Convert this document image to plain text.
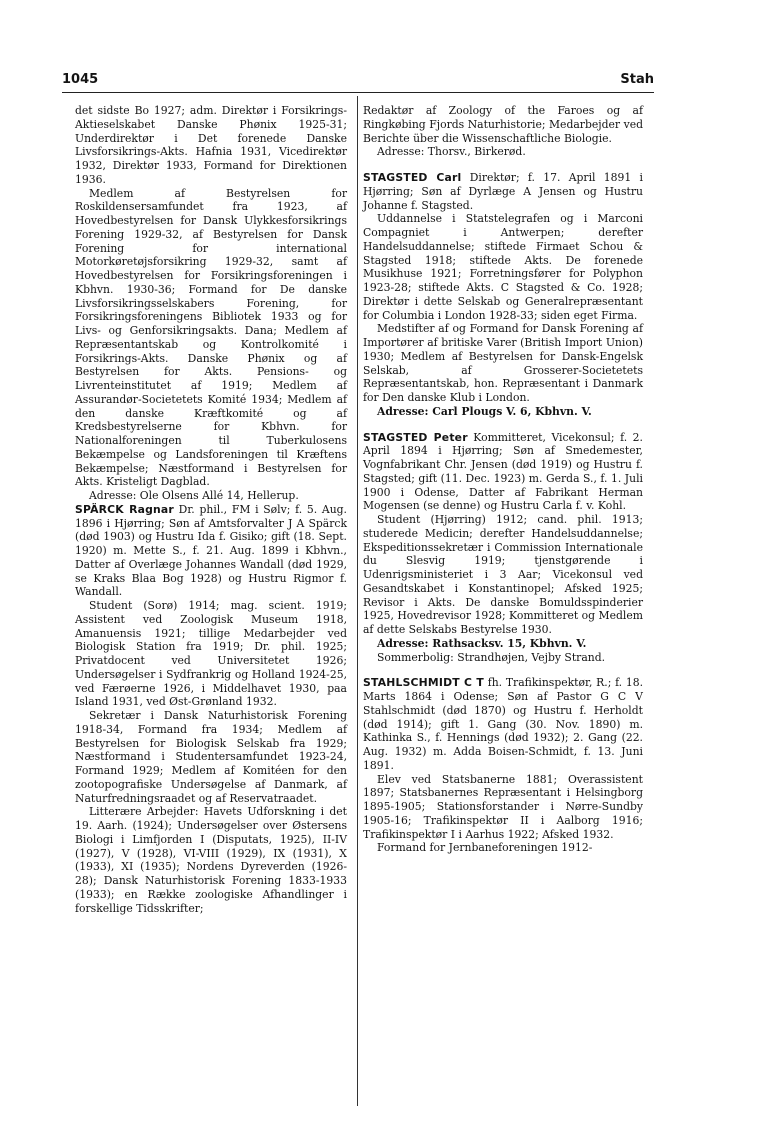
1045	Stah

det sidste Bo 1927; adm. Direktør i Forsikrings-Aktieselskabet Danske Phønix 1925-31; Underdirektør i Det forenede Danske Livsforsikrings-Akts. Hafnia 1931, Vicedirektør 1932, Direktør 1933, Formand for Direktionen 1936.

Medlem af Bestyrelsen for Roskildensersamfundet fra 1923, af Hovedbestyrelsen for Dansk Ulykkesforsikrings Forening 1929-32, af Bestyrelsen for Dansk Forening for international Motorkøretøjsforsikring 1929-32, samt af Hovedbestyrelsen for Forsikringsforeningen i Kbhvn. 1930-36; Formand for De danske Livsforsikringsselskabers Forening, for Forsikringsforeningens Bibliotek 1933 og for Livs- og Genforsikringsakts. Dana; Medlem af Repræsentantskab og Kontrolkomité i Forsikrings-Akts. Danske Phønix og af Bestyrelsen for Akts. Pensions- og Livrenteinstitutet af 1919; Medlem af Assurandør-Societetets Komité 1934; Medlem af den danske Kræftkomité og af Kredsbestyrelserne for Kbhvn. for Nationalforeningen til Tuberkulosens Bekæmpelse og Landsforeningen til Kræftens Bekæmpelse; Næstformand i Bestyrelsen for Akts. Kristeligt Dagblad.

Adresse: Ole Olsens Allé 14, Hellerup.

SPÄRCK Ragnar Dr. phil., FM i Sølv; f. 5. Aug. 1896 i Hjørring; Søn af Amtsforvalter J A Spärck (død 1903) og Hustru Ida f. Gisiko; gift (18. Sept. 1920) m. Mette S., f. 21. Aug. 1899 i Kbhvn., Datter af Overlæge Johannes Wandall (død 1929, se Kraks Blaa Bog 1928) og Hustru Rigmor f. Wandall.

Student (Sorø) 1914; mag. scient. 1919; Assistent ved Zoologisk Museum 1918, Amanuensis 1921; tillige Medarbejder ved Biologisk Station fra 1919; Dr. phil. 1925; Privatdocent ved Universitetet 1926; Undersøgelser i Sydfrankrig og Holland 1924-25, ved Færøerne 1926, i Middelhavet 1930, paa Island 1931, ved Øst-Grønland 1932.

Sekretær i Dansk Naturhistorisk Forening 1918-34, Formand fra 1934; Medlem af Bestyrelsen for Biologisk Selskab fra 1929; Næstformand i Studentersamfundet 1923-24, Formand 1929; Medlem af Komitéen for den zootopografiske Undersøgelse af Danmark, af Naturfredningsraadet og af Reservatraadet.

Litterære Arbejder: Havets Udforskning i det 19. Aarh. (1924); Undersøgelser over Østersens Biologi i Limfjorden I (Disputats, 1925), II-IV (1927), V (1928), VI-VIII (1929), IX (1931), X (1933), XI (1935); Nordens Dyreverden (1926-28); Dansk Naturhistorisk Forening 1833-1933 (1933); en Række zoologiske Afhandlinger i forskellige Tidsskrifter;

Redaktør af Zoology of the Faroes og af Ringkøbing Fjords Naturhistorie; Medarbejder ved Berichte über die Wissenschaftliche Biologie.

Adresse: Thorsv., Birkerød.

STAGSTED Carl Direktør; f. 17. April 1891 i Hjørring; Søn af Dyrlæge A Jensen og Hustru Johanne f. Stagsted.

Uddannelse i Statstelegrafen og i Marconi Compagniet i Antwerpen; derefter Handelsuddannelse; stiftede Firmaet Schou & Stagsted 1918; stiftede Akts. De forenede Musikhuse 1921; Forretningsfører for Polyphon 1923-28; stiftede Akts. C Stagsted & Co. 1928; Direktør i dette Selskab og Generalrepræsentant for Columbia i London 1928-33; siden eget Firma.

Medstifter af og Formand for Dansk Forening af Importører af britiske Varer (British Import Union) 1930; Medlem af Bestyrelsen for Dansk-Engelsk Selskab, af Grosserer-Societetets Repræsentantskab, hon. Repræsentant i Danmark for Den danske Klub i London.

Adresse: Carl Plougs V. 6, Kbhvn. V.

STAGSTED Peter Kommitteret, Vicekonsul; f. 2. April 1894 i Hjørring; Søn af Smedemester, Vognfabrikant Chr. Jensen (død 1919) og Hustru f. Stagsted; gift (11. Dec. 1923) m. Gerda S., f. 1. Juli 1900 i Odense, Datter af Fabrikant Herman Mogensen (se denne) og Hustru Carla f. v. Kohl.

Student (Hjørring) 1912; cand. phil. 1913; studerede Medicin; derefter Handelsuddannelse; Ekspeditionssekretær i Commission Internationale du Slesvig 1919; tjenstgørende i Udenrigsministeriet i 3 Aar; Vicekonsul ved Gesandtskabet i Konstantinopel; Afsked 1925; Revisor i Akts. De danske Bomuldsspinderier 1925, Hovedrevisor 1928; Kommitteret og Medlem af dette Selskabs Bestyrelse 1930.

Adresse: Rathsacksv. 15, Kbhvn. V.

Sommerbolig: Strandhøjen, Vejby Strand.

STAHLSCHMIDT C T fh. Trafikinspektør, R.; f. 18. Marts 1864 i Odense; Søn af Pastor G C V Stahlschmidt (død 1870) og Hustru f. Herholdt (død 1914); gift 1. Gang (30. Nov. 1890) m. Kathinka S., f. Hennings (død 1932); 2. Gang (22. Aug. 1932) m. Adda Boisen-Schmidt, f. 13. Juni 1891.

Elev ved Statsbanerne 1881; Overassistent 1897; Statsbanernes Repræsentant i Helsingborg 1895-1905; Stationsforstander i Nørre-Sundby 1905-16; Trafikinspektør II i Aalborg 1916; Trafikinspektør I i Aarhus 1922; Afsked 1932.

Formand for Jernbaneforeningen 1912-
